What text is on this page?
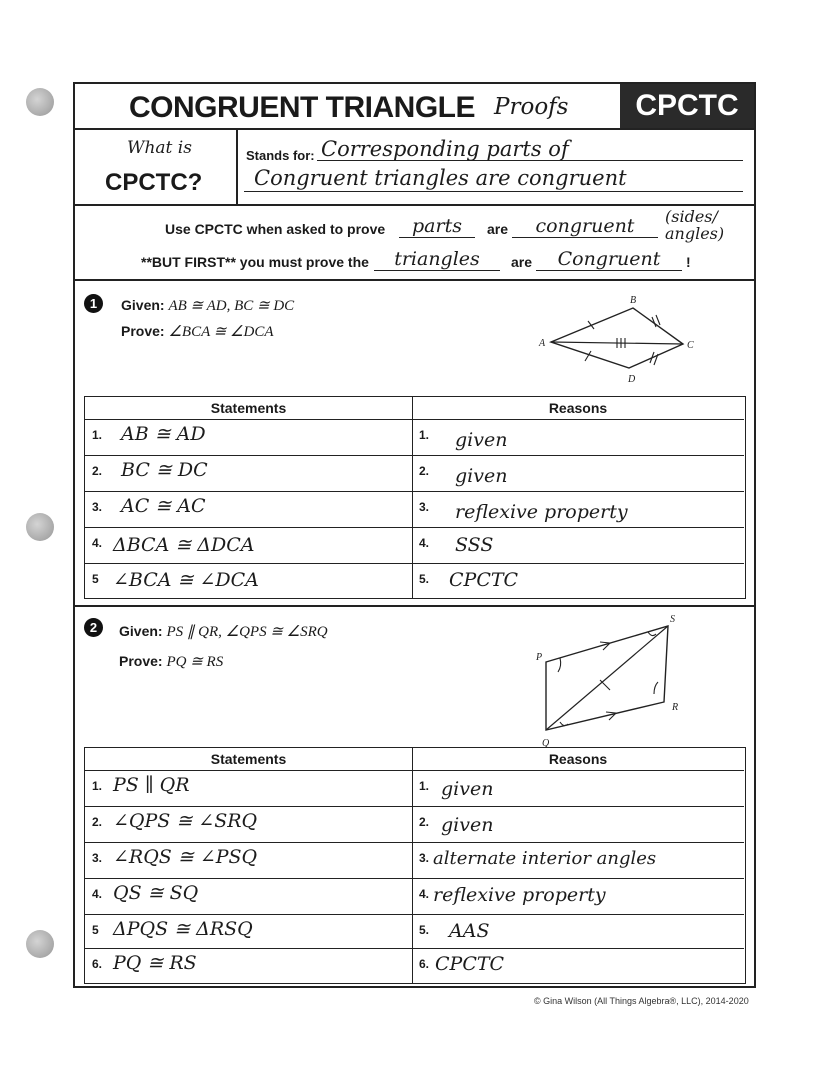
CONGRUENT TRIANGLE Proofs	CPCTC
What is
CPCTC?
Stands for: Corresponding parts of
Congruent triangles are congruent
Use CPCTC when asked to prove	parts	are	congruent	(sides/ angles)
**BUT FIRST** you must prove the	triangles	are	Congruent	!
1	Given: AB ≅ AD, BC ≅ DC
Prove: ∠BCA ≅ ∠DCA
A
B
C
D
Statements	Reasons
1. AB ≅ AD	1. given
2. BC ≅ DC	2. given
3. AC ≅ AC	3. reflexive property
4. ΔBCA ≅ ΔDCA	4. SSS
5 ∠BCA ≅ ∠DCA	5. CPCTC
2	Given: PS ∥ QR, ∠QPS ≅ ∠SRQ
Prove: PQ ≅ RS	P
Q
R
S
Statements	Reasons
1. PS ∥ QR	1. given
2. ∠QPS ≅ ∠SRQ	2. given
3. ∠RQS ≅ ∠PSQ	3. alternate interior angles
4. QS ≅ SQ	4. reflexive property
5 ΔPQS ≅ ΔRSQ	5. AAS
6. PQ ≅ RS	6. CPCTC
© Gina Wilson (All Things Algebra®, LLC), 2014-2020
